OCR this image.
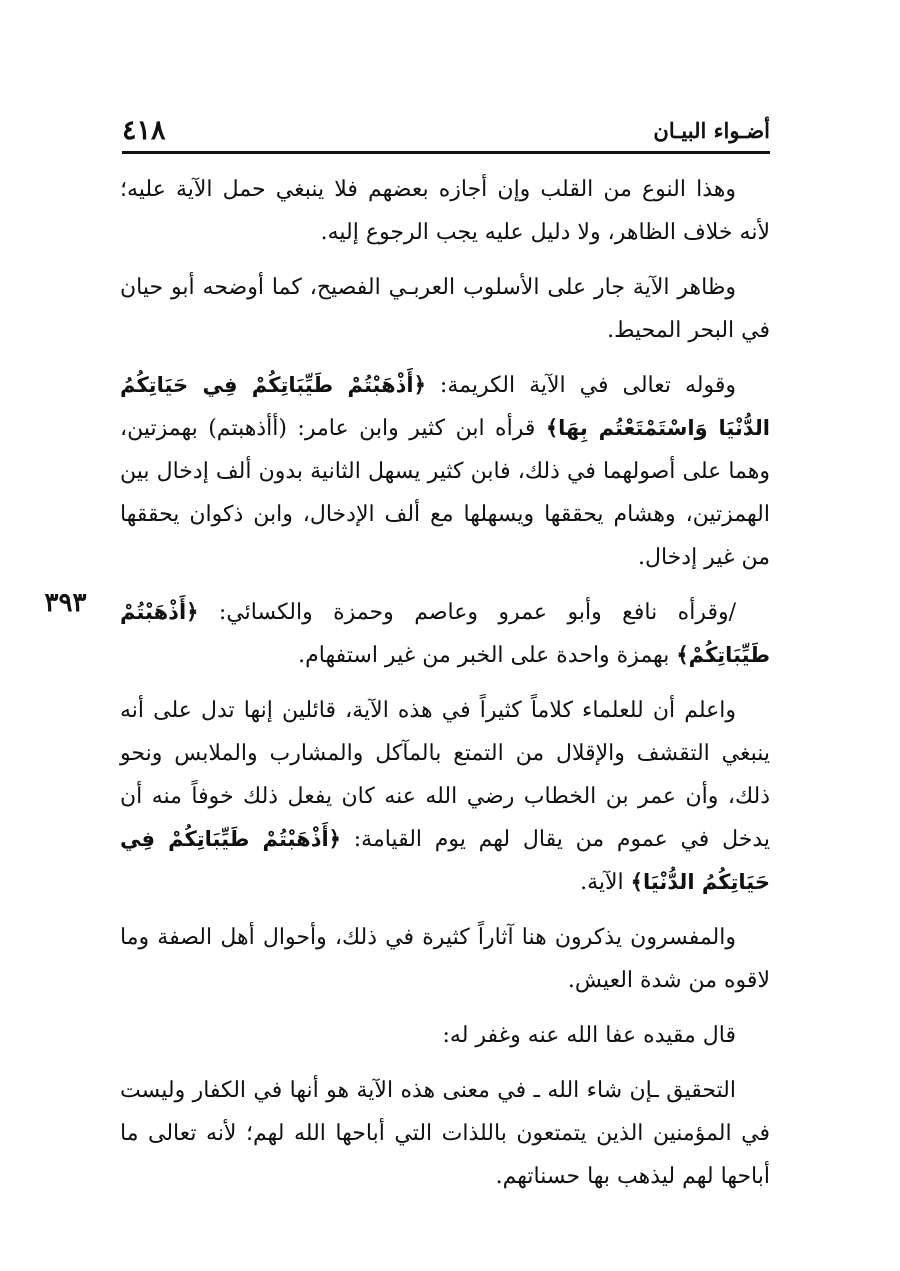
٤١٨	أضـواء البيـان
٣٩٣

وهذا النوع من القلب وإن أجازه بعضهم فلا ينبغي حمل الآية عليه؛ لأنه خلاف الظاهر، ولا دليل عليه يجب الرجوع إليه.

وظاهر الآية جار على الأسلوب العربـي الفصيح، كما أوضحه أبو حيان في البحر المحيط.

وقوله تعالى في الآية الكريمة: ﴿أَذْهَبْتُمْ طَيِّبَاتِكُمْ فِي حَيَاتِكُمُ الدُّنْيَا وَاسْتَمْتَعْتُم بِهَا﴾ قرأه ابن كثير وابن عامر: (أأذهبتم) بهمزتين، وهما على أصولهما في ذلك، فابن كثير يسهل الثانية بدون ألف إدخال بين الهمزتين، وهشام يحققها ويسهلها مع ألف الإدخال، وابن ذكوان يحققها من غير إدخال.

/وقرأه نافع وأبو عمرو وعاصم وحمزة والكسائي: ﴿أَذْهَبْتُمْ طَيِّبَاتِكُمْ﴾ بهمزة واحدة على الخبر من غير استفهام.

واعلم أن للعلماء كلاماً كثيراً في هذه الآية، قائلين إنها تدل على أنه ينبغي التقشف والإقلال من التمتع بالمآكل والمشارب والملابس ونحو ذلك، وأن عمر بن الخطاب رضي الله عنه كان يفعل ذلك خوفاً منه أن يدخل في عموم من يقال لهم يوم القيامة: ﴿أَذْهَبْتُمْ طَيِّبَاتِكُمْ فِي حَيَاتِكُمُ الدُّنْيَا﴾ الآية.

والمفسرون يذكرون هنا آثاراً كثيرة في ذلك، وأحوال أهل الصفة وما لاقوه من شدة العيش.

قال مقيده عفا الله عنه وغفر له:

التحقيق ـإن شاء الله ـ في معنى هذه الآية هو أنها في الكفار وليست في المؤمنين الذين يتمتعون باللذات التي أباحها الله لهم؛ لأنه تعالى ما أباحها لهم ليذهب بها حسناتهم.
